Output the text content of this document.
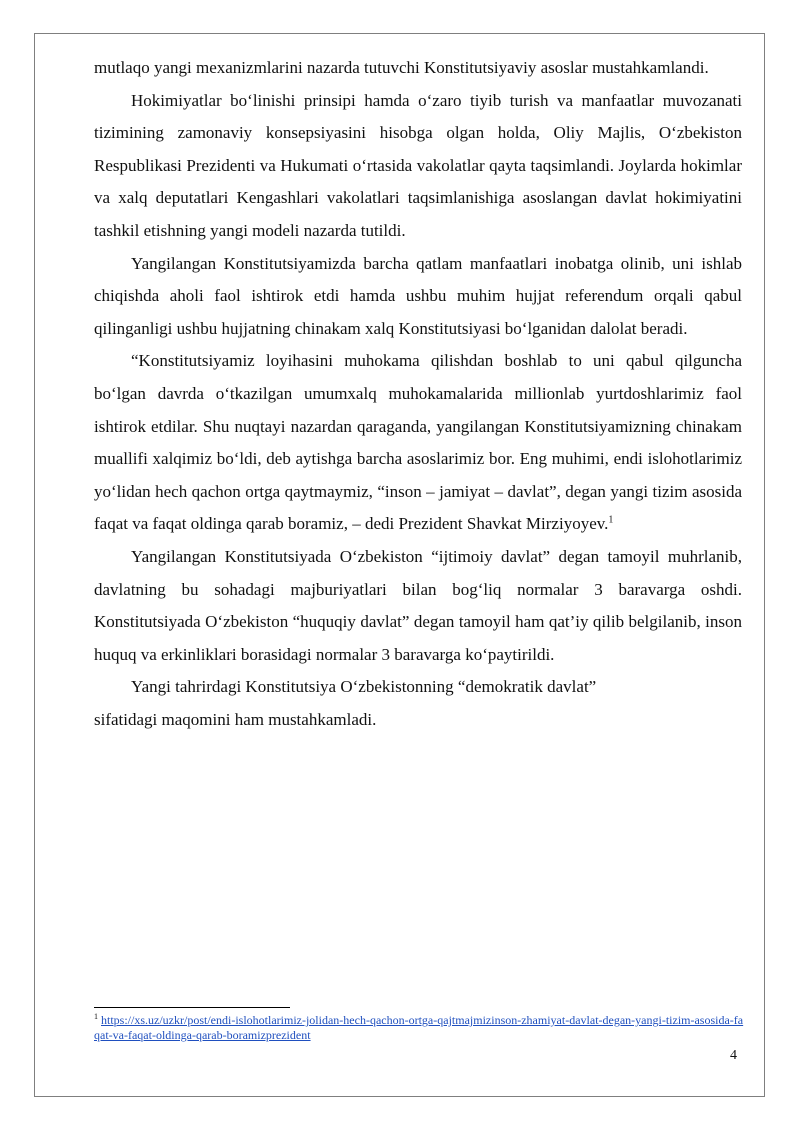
mutlaqo yangi mexanizmlarini nazarda tutuvchi Konstitutsiyaviy asoslar mustahkamlandi.

Hokimiyatlar bo‘linishi prinsipi hamda o‘zaro tiyib turish va manfaatlar muvozanati tizimining zamonaviy konsepsiyasini hisobga olgan holda, Oliy Majlis, O‘zbekiston Respublikasi Prezidenti va Hukumati o‘rtasida vakolatlar qayta taqsimlandi. Joylarda hokimlar va xalq deputatlari Kengashlari vakolatlari taqsimlanishiga asoslangan davlat hokimiyatini tashkil etishning yangi modeli nazarda tutildi.

Yangilangan Konstitutsiyamizda barcha qatlam manfaatlari inobatga olinib, uni ishlab chiqishda aholi faol ishtirok etdi hamda ushbu muhim hujjat referendum orqali qabul qilinganligi ushbu hujjatning chinakam xalq Konstitutsiyasi bo‘lganidan dalolat beradi.

“Konstitutsiyamiz loyihasini muhokama qilishdan boshlab to uni qabul qilguncha bo‘lgan davrda o‘tkazilgan umumxalq muhokamalarida millionlab yurtdoshlarimiz faol ishtirok etdilar. Shu nuqtayi nazardan qaraganda, yangilangan Konstitutsiyamizning chinakam muallifi xalqimiz bo‘ldi, deb aytishga barcha asoslarimiz bor. Eng muhimi, endi islohotlarimiz yo‘lidan hech qachon ortga qaytmaymiz, “inson – jamiyat – davlat”, degan yangi tizim asosida faqat va faqat oldinga qarab boramiz, – dedi Prezident Shavkat Mirziyoyev.$^1$

Yangilangan Konstitutsiyada O‘zbekiston “ijtimoiy davlat” degan tamoyil muhrlanib, davlatning bu sohadagi majburiyatlari bilan bog‘liq normalar 3 baravarga oshdi. Konstitutsiyada O‘zbekiston “huquqiy davlat” degan tamoyil ham qat’iy qilib belgilanib, inson huquq va erkinliklari borasidagi normalar 3 baravarga ko‘paytirildi.

Yangi tahrirdagi Konstitutsiya O‘zbekistonning “demokratik davlat”

sifatidagi maqomini ham mustahkamladi.

$^1$ https://xs.uz/uzkr/post/endi-islohotlarimiz-jolidan-hech-qachon-ortga-qajtmajmizinson-zhamiyat-davlat-degan-yangi-tizim-asosida-faqat-va-faqat-oldinga-qarab-boramizprezident
4
